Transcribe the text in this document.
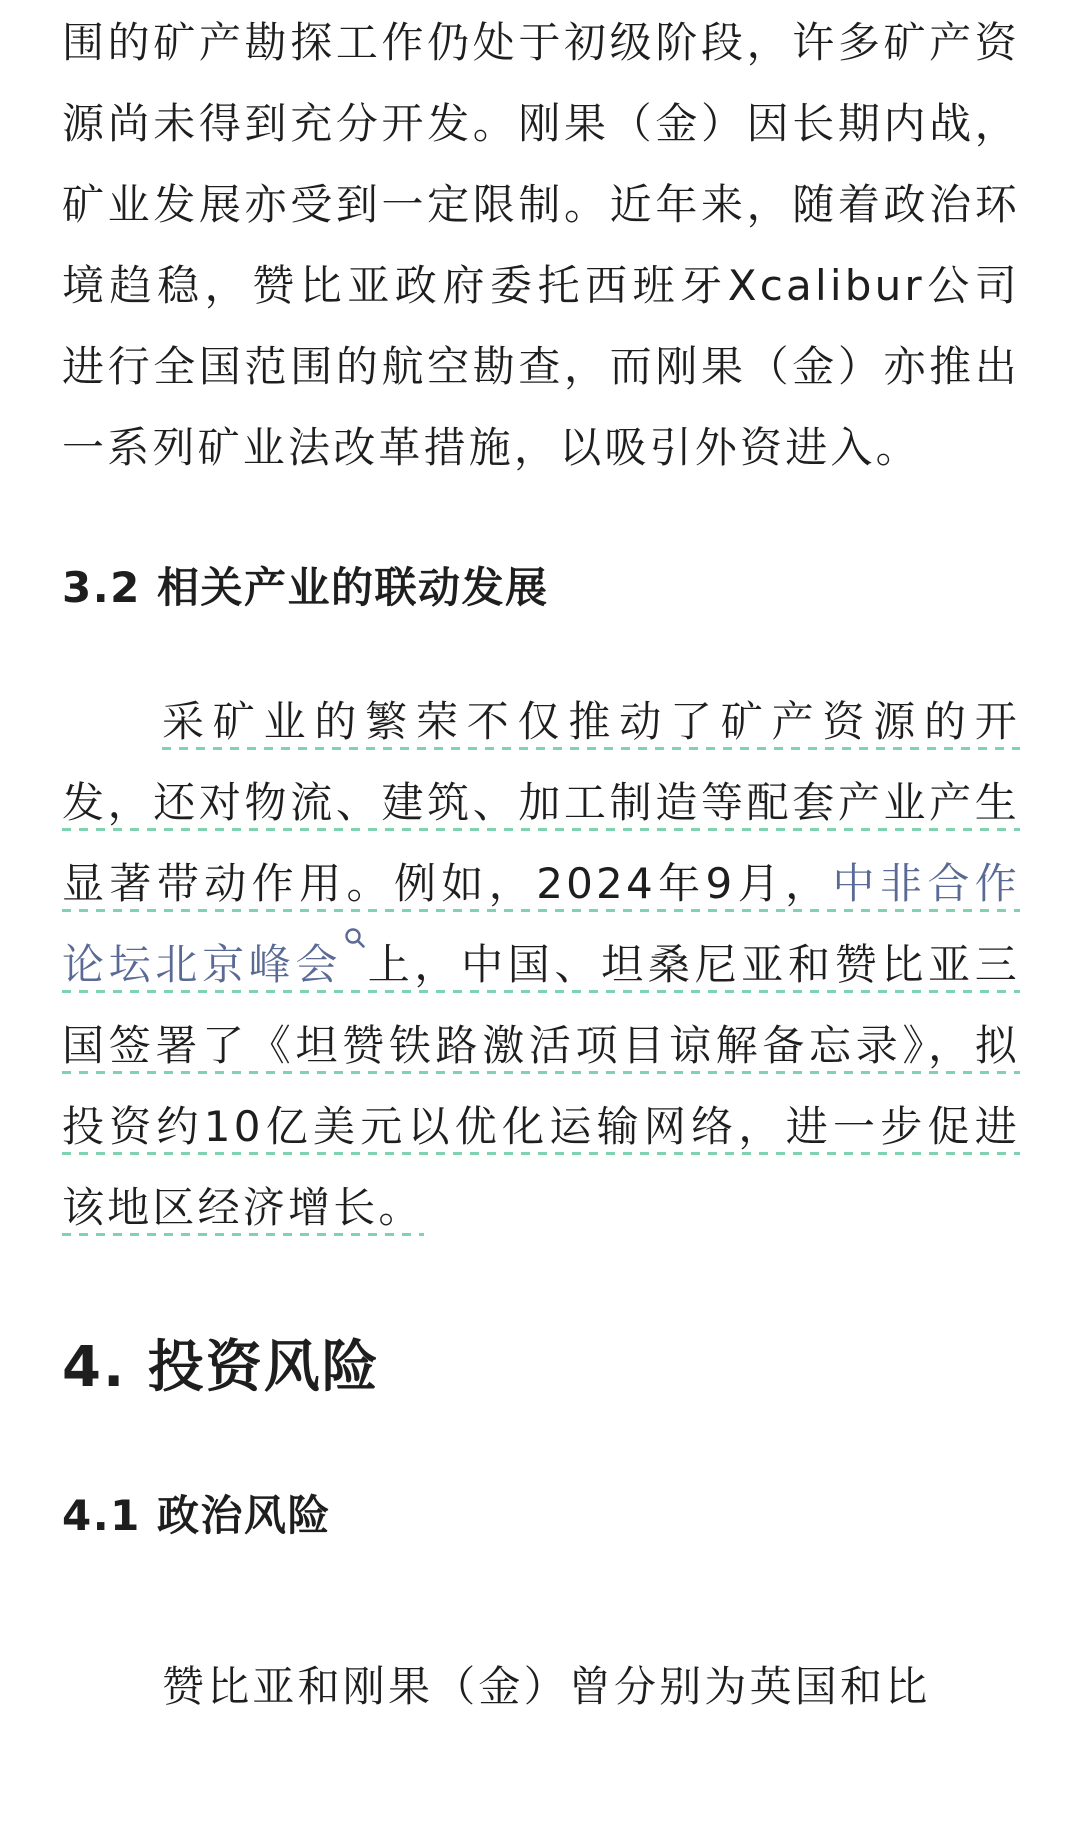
围的矿产勘探工作仍处于初级阶段，许多矿产资源尚未得到充分开发。刚果（金）因长期内战，矿业发展亦受到一定限制。近年来，随着政治环境趋稳，赞比亚政府委托西班牙Xcalibur公司进行全国范围的航空勘查，而刚果（金）亦推出一系列矿业法改革措施，以吸引外资进入。

3.2 相关产业的联动发展

采矿业的繁荣不仅推动了矿产资源的开发，还对物流、建筑、加工制造等配套产业产生显著带动作用。例如，2024年9月，中非合作论坛北京峰会 上，中国、坦桑尼亚和赞比亚三国签署了《坦赞铁路激活项目谅解备忘录》，拟投资约10亿美元以优化运输网络，进一步促进该地区经济增长。

4. 投资风险
4.1 政治风险

赞比亚和刚果（金）曾分别为英国和比
